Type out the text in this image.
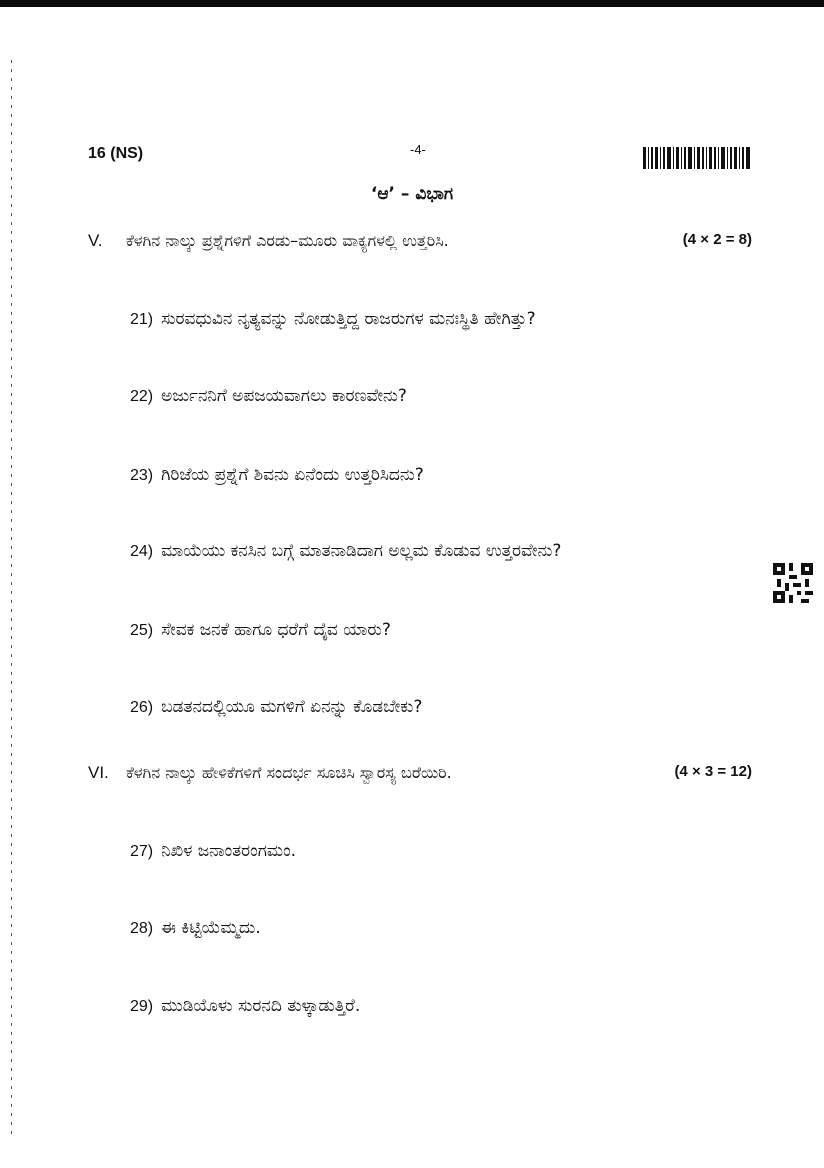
16 (NS)	-4-
‘ಆ’ – ವಿಭಾಗ
V. ಕೆಳಗಿನ ನಾಲ್ಕು ಪ್ರಶ್ನೆಗಳಿಗೆ ಎರಡು–ಮೂರು ವಾಕ್ಯಗಳಲ್ಲಿ ಉತ್ತರಿಸಿ.	(4 × 2 = 8)
21) ಸುರವಧುವಿನ ನೃತ್ಯವನ್ನು ನೋಡುತ್ತಿದ್ದ ರಾಜರುಗಳ ಮನಃಸ್ಥಿತಿ ಹೇಗಿತ್ತು?
22) ಅರ್ಜುನನಿಗೆ ಅಪಜಯವಾಗಲು ಕಾರಣವೇನು?
23) ಗಿರಿಜೆಯ ಪ್ರಶ್ನೆಗೆ ಶಿವನು ಏನೆಂದು ಉತ್ತರಿಸಿದನು?
24) ಮಾಯೆಯು ಕನಸಿನ ಬಗ್ಗೆ ಮಾತನಾಡಿದಾಗ ಅಲ್ಲಮ ಕೊಡುವ ಉತ್ತರವೇನು?
25) ಸೇವಕ ಜನಕೆ ಹಾಗೂ ಧರೆಗೆ ದೈವ ಯಾರು?
26) ಬಡತನದಲ್ಲಿಯೂ ಮಗಳಿಗೆ ಏನನ್ನು ಕೊಡಬೇಕು?
VI. ಕೆಳಗಿನ ನಾಲ್ಕು ಹೇಳಿಕೆಗಳಿಗೆ ಸಂದರ್ಭ ಸೂಚಿಸಿ ಸ್ವಾರಸ್ಯ ಬರೆಯಿರಿ.	(4 × 3 = 12)
27) ನಿಖಿಳ ಜನಾಂತರಂಗಮಂ.
28) ಈ ಕಿಟ್ಟಿಯೆಮ್ಮದು.
29) ಮುಡಿಯೊಳು ಸುರನದಿ ತುಳ್ಕಾಡುತ್ತಿರೆ.
